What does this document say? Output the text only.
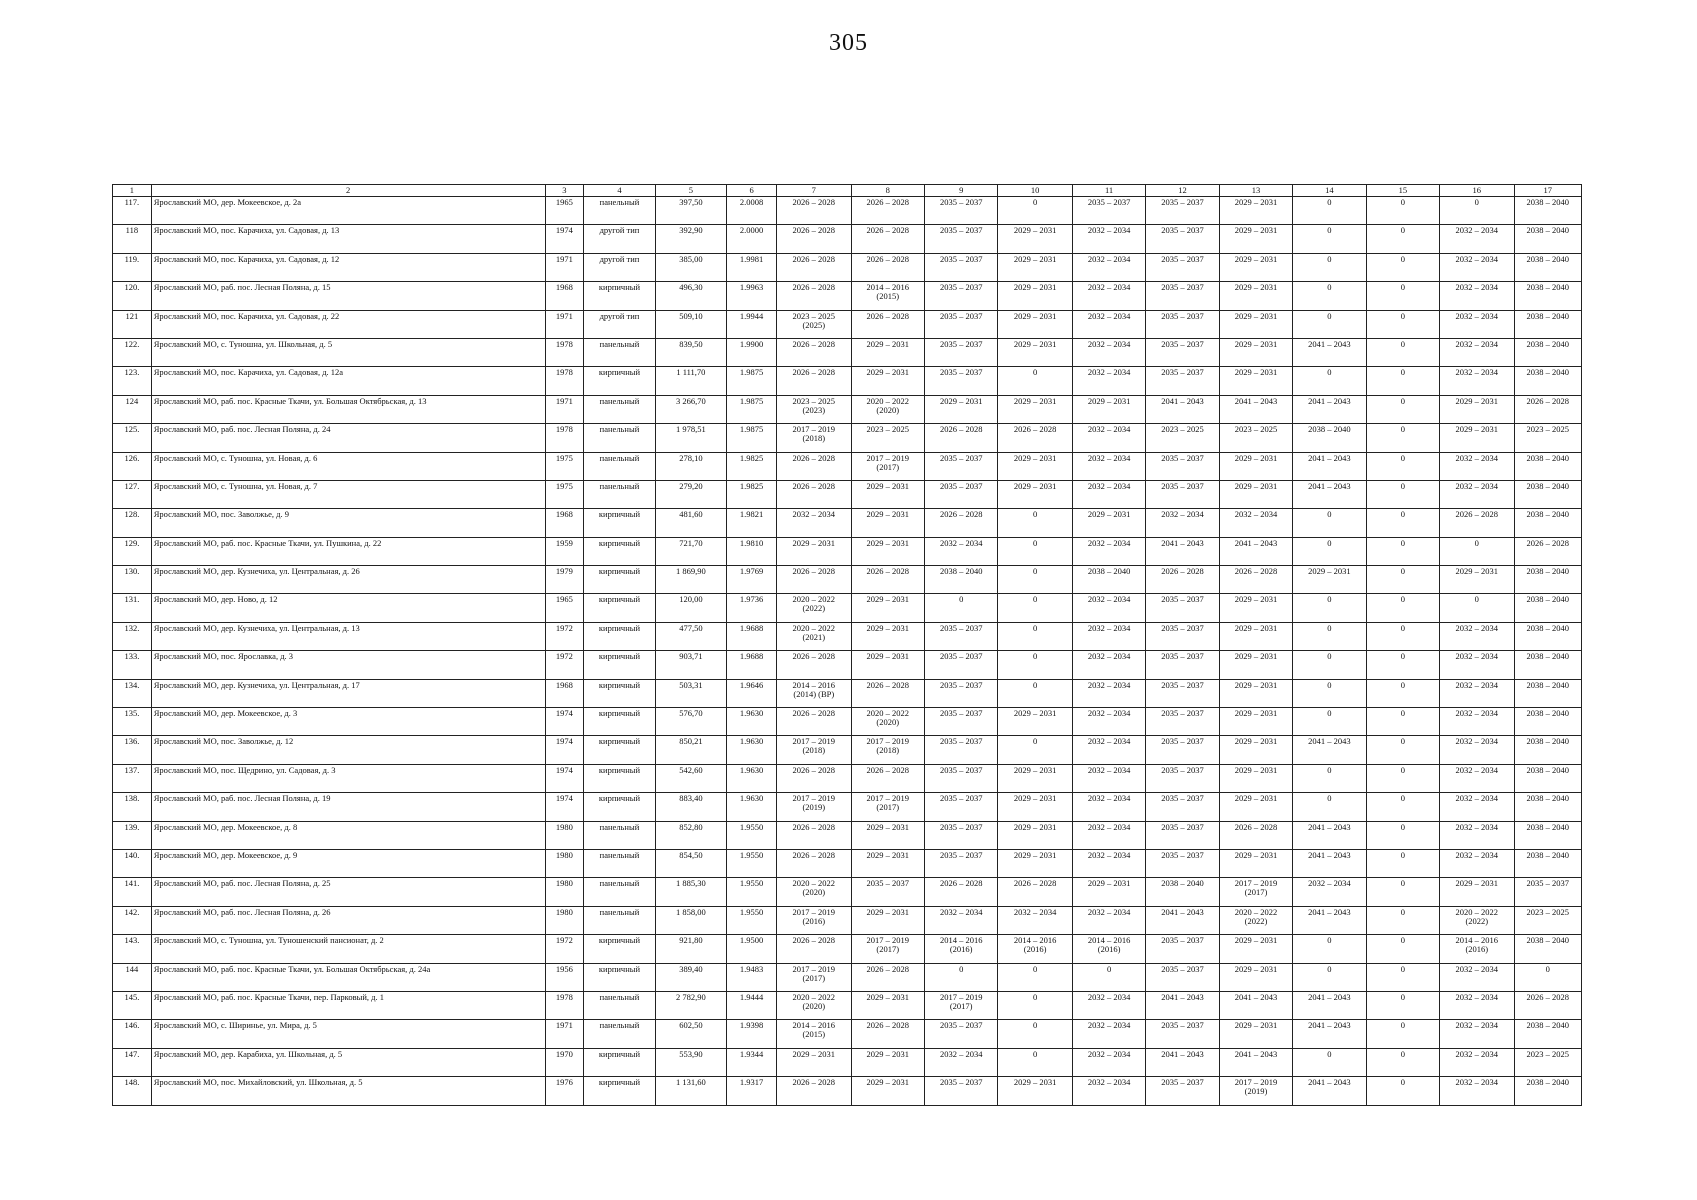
305
1	2	3	4	5	6	7	8	9	10	11	12	13	14	15	16	17

117.	Ярославский МО, дер. Мокеевское, д. 2а	1965	панельный	397,50	2.0008	2026 – 2028	2026 – 2028	2035 – 2037	0	2035 – 2037	2035 – 2037	2029 – 2031	0	0	0	2038 – 2040

118	Ярославский МО, пос. Карачиха, ул. Садовая, д. 13	1974	другой тип	392,90	2.0000	2026 – 2028	2026 – 2028	2035 – 2037	2029 – 2031	2032 – 2034	2035 – 2037	2029 – 2031	0	0	2032 – 2034	2038 – 2040

119.	Ярославский МО, пос. Карачиха, ул. Садовая, д. 12	1971	другой тип	385,00	1.9981	2026 – 2028	2026 – 2028	2035 – 2037	2029 – 2031	2032 – 2034	2035 – 2037	2029 – 2031	0	0	2032 – 2034	2038 – 2040

120.	Ярославский МО, раб. пос. Лесная Поляна, д. 15	1968	кирпичный	496,30	1.9963	2026 – 2028	2014 – 2016
(2015)	2035 – 2037	2029 – 2031	2032 – 2034	2035 – 2037	2029 – 2031	0	0	2032 – 2034	2038 – 2040

121	Ярославский МО, пос. Карачиха, ул. Садовая, д. 22	1971	другой тип	509,10	1.9944	2023 – 2025
(2025)	2026 – 2028	2035 – 2037	2029 – 2031	2032 – 2034	2035 – 2037	2029 – 2031	0	0	2032 – 2034	2038 – 2040

122.	Ярославский МО, с. Туношна, ул. Школьная, д. 5	1978	панельный	839,50	1.9900	2026 – 2028	2029 – 2031	2035 – 2037	2029 – 2031	2032 – 2034	2035 – 2037	2029 – 2031	2041 – 2043	0	2032 – 2034	2038 – 2040

123.	Ярославский МО, пос. Карачиха, ул. Садовая, д. 12а	1978	кирпичный	1 111,70	1.9875	2026 – 2028	2029 – 2031	2035 – 2037	0	2032 – 2034	2035 – 2037	2029 – 2031	0	0	2032 – 2034	2038 – 2040

124	Ярославский МО, раб. пос. Красные Ткачи, ул. Большая Октябрьская, д. 13	1971	панельный	3 266,70	1.9875	2023 – 2025
(2023)	2020 – 2022
(2020)	2029 – 2031	2029 – 2031	2029 – 2031	2041 – 2043	2041 – 2043	2041 – 2043	0	2029 – 2031	2026 – 2028

125.	Ярославский МО, раб. пос. Лесная Поляна, д. 24	1978	панельный	1 978,51	1.9875	2017 – 2019
(2018)	2023 – 2025	2026 – 2028	2026 – 2028	2032 – 2034	2023 – 2025	2023 – 2025	2038 – 2040	0	2029 – 2031	2023 – 2025

126.	Ярославский МО, с. Туношна, ул. Новая, д. 6	1975	панельный	278,10	1.9825	2026 – 2028	2017 – 2019
(2017)	2035 – 2037	2029 – 2031	2032 – 2034	2035 – 2037	2029 – 2031	2041 – 2043	0	2032 – 2034	2038 – 2040

127.	Ярославский МО, с. Туношна, ул. Новая, д. 7	1975	панельный	279,20	1.9825	2026 – 2028	2029 – 2031	2035 – 2037	2029 – 2031	2032 – 2034	2035 – 2037	2029 – 2031	2041 – 2043	0	2032 – 2034	2038 – 2040

128.	Ярославский МО, пос. Заволжье, д. 9	1968	кирпичный	481,60	1.9821	2032 – 2034	2029 – 2031	2026 – 2028	0	2029 – 2031	2032 – 2034	2032 – 2034	0	0	2026 – 2028	2038 – 2040

129.	Ярославский МО, раб. пос. Красные Ткачи, ул. Пушкина, д. 22	1959	кирпичный	721,70	1.9810	2029 – 2031	2029 – 2031	2032 – 2034	0	2032 – 2034	2041 – 2043	2041 – 2043	0	0	0	2026 – 2028

130.	Ярославский МО, дер. Кузнечиха, ул. Центральная, д. 26	1979	кирпичный	1 869,90	1.9769	2026 – 2028	2026 – 2028	2038 – 2040	0	2038 – 2040	2026 – 2028	2026 – 2028	2029 – 2031	0	2029 – 2031	2038 – 2040

131.	Ярославский МО, дер. Ново, д. 12	1965	кирпичный	120,00	1.9736	2020 – 2022
(2022)	2029 – 2031	0	0	2032 – 2034	2035 – 2037	2029 – 2031	0	0	0	2038 – 2040

132.	Ярославский МО, дер. Кузнечиха, ул. Центральная, д. 13	1972	кирпичный	477,50	1.9688	2020 – 2022
(2021)	2029 – 2031	2035 – 2037	0	2032 – 2034	2035 – 2037	2029 – 2031	0	0	2032 – 2034	2038 – 2040

133.	Ярославский МО, пос. Ярославка, д. 3	1972	кирпичный	903,71	1.9688	2026 – 2028	2029 – 2031	2035 – 2037	0	2032 – 2034	2035 – 2037	2029 – 2031	0	0	2032 – 2034	2038 – 2040

134.	Ярославский МО, дер. Кузнечиха, ул. Центральная, д. 17	1968	кирпичный	503,31	1.9646	2014 – 2016
(2014) (ВР)	2026 – 2028	2035 – 2037	0	2032 – 2034	2035 – 2037	2029 – 2031	0	0	2032 – 2034	2038 – 2040

135.	Ярославский МО, дер. Мокеевское, д. 3	1974	кирпичный	576,70	1.9630	2026 – 2028	2020 – 2022
(2020)	2035 – 2037	2029 – 2031	2032 – 2034	2035 – 2037	2029 – 2031	0	0	2032 – 2034	2038 – 2040

136.	Ярославский МО, пос. Заволжье, д. 12	1974	кирпичный	850,21	1.9630	2017 – 2019
(2018)	2017 – 2019
(2018)	2035 – 2037	0	2032 – 2034	2035 – 2037	2029 – 2031	2041 – 2043	0	2032 – 2034	2038 – 2040

137.	Ярославский МО, пос. Щедрино, ул. Садовая, д. 3	1974	кирпичный	542,60	1.9630	2026 – 2028	2026 – 2028	2035 – 2037	2029 – 2031	2032 – 2034	2035 – 2037	2029 – 2031	0	0	2032 – 2034	2038 – 2040

138.	Ярославский МО, раб. пос. Лесная Поляна, д. 19	1974	кирпичный	883,40	1.9630	2017 – 2019
(2019)	2017 – 2019
(2017)	2035 – 2037	2029 – 2031	2032 – 2034	2035 – 2037	2029 – 2031	0	0	2032 – 2034	2038 – 2040

139.	Ярославский МО, дер. Мокеевское, д. 8	1980	панельный	852,80	1.9550	2026 – 2028	2029 – 2031	2035 – 2037	2029 – 2031	2032 – 2034	2035 – 2037	2026 – 2028	2041 – 2043	0	2032 – 2034	2038 – 2040

140.	Ярославский МО, дер. Мокеевское, д. 9	1980	панельный	854,50	1.9550	2026 – 2028	2029 – 2031	2035 – 2037	2029 – 2031	2032 – 2034	2035 – 2037	2029 – 2031	2041 – 2043	0	2032 – 2034	2038 – 2040

141.	Ярославский МО, раб. пос. Лесная Поляна, д. 25	1980	панельный	1 885,30	1.9550	2020 – 2022
(2020)	2035 – 2037	2026 – 2028	2026 – 2028	2029 – 2031	2038 – 2040	2017 – 2019
(2017)	2032 – 2034	0	2029 – 2031	2035 – 2037

142.	Ярославский МО, раб. пос. Лесная Поляна, д. 26	1980	панельный	1 858,00	1.9550	2017 – 2019
(2016)	2029 – 2031	2032 – 2034	2032 – 2034	2032 – 2034	2041 – 2043	2020 – 2022
(2022)	2041 – 2043	0	2020 – 2022
(2022)	2023 – 2025

143.	Ярославский МО, с. Туношна, ул. Туношенский пансионат, д. 2	1972	кирпичный	921,80	1.9500	2026 – 2028	2017 – 2019
(2017)	2014 – 2016
(2016)	2014 – 2016
(2016)	2014 – 2016
(2016)	2035 – 2037	2029 – 2031	0	0	2014 – 2016
(2016)	2038 – 2040

144	Ярославский МО, раб. пос. Красные Ткачи, ул. Большая Октябрьская, д. 24а	1956	кирпичный	389,40	1.9483	2017 – 2019
(2017)	2026 – 2028	0	0	0	2035 – 2037	2029 – 2031	0	0	2032 – 2034	0

145.	Ярославский МО, раб. пос. Красные Ткачи, пер. Парковый, д. 1	1978	панельный	2 782,90	1.9444	2020 – 2022
(2020)	2029 – 2031	2017 – 2019
(2017)	0	2032 – 2034	2041 – 2043	2041 – 2043	2041 – 2043	0	2032 – 2034	2026 – 2028

146.	Ярославский МО, с. Ширинье, ул. Мира, д. 5	1971	панельный	602,50	1.9398	2014 – 2016
(2015)	2026 – 2028	2035 – 2037	0	2032 – 2034	2035 – 2037	2029 – 2031	2041 – 2043	0	2032 – 2034	2038 – 2040

147.	Ярославский МО, дер. Карабиха, ул. Школьная, д. 5	1970	кирпичный	553,90	1.9344	2029 – 2031	2029 – 2031	2032 – 2034	0	2032 – 2034	2041 – 2043	2041 – 2043	0	0	2032 – 2034	2023 – 2025

148.	Ярославский МО, пос. Михайловский, ул. Школьная, д. 5	1976	кирпичный	1 131,60	1.9317	2026 – 2028	2029 – 2031	2035 – 2037	2029 – 2031	2032 – 2034	2035 – 2037	2017 – 2019
(2019)	2041 – 2043	0	2032 – 2034	2038 – 2040
